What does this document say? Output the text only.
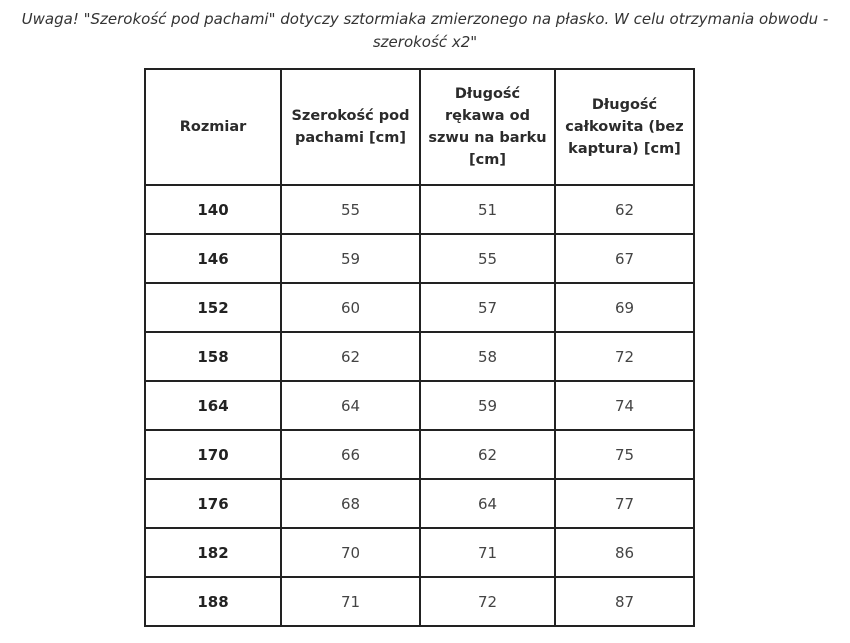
Uwaga! "Szerokość pod pachami" dotyczy sztormiaka zmierzonego na płasko. W celu otrzymania obwodu -
szerokość x2"
Rozmiar	Szerokość pod pachami [cm]	Długość rękawa od szwu na barku [cm]	Długość całkowita (bez kaptura) [cm]
140	55	51	62
146	59	55	67
152	60	57	69
158	62	58	72
164	64	59	74
170	66	62	75
176	68	64	77
182	70	71	86
188	71	72	87
